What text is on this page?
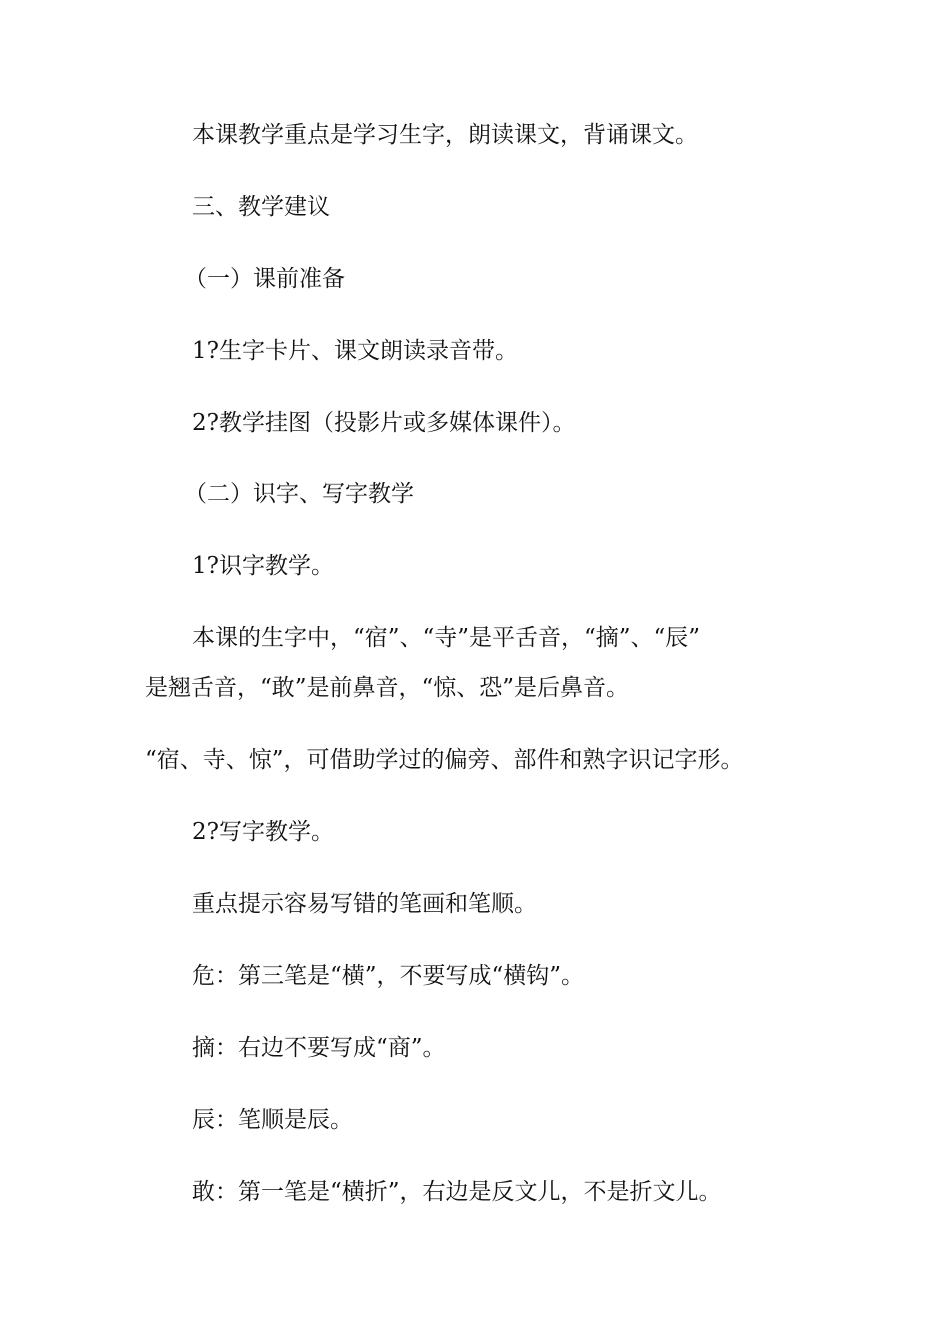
本课教学重点是学习生字，朗读课文，背诵课文。
三、教学建议
（一）课前准备
1?生字卡片、课文朗读录音带。
2?教学挂图（投影片或多媒体课件）。
（二）识字、写字教学
1?识字教学。
本课的生字中，“宿”、“寺”是平舌音，“摘”、“辰”
是翘舌音，“敢”是前鼻音，“惊、恐”是后鼻音。
“宿、寺、惊”，可借助学过的偏旁、部件和熟字识记字形。
2?写字教学。
重点提示容易写错的笔画和笔顺。
危：第三笔是“横”，不要写成“横钩”。
摘：右边不要写成“商”。
辰：笔顺是辰。
敢：第一笔是“横折”，右边是反文儿，不是折文儿。
